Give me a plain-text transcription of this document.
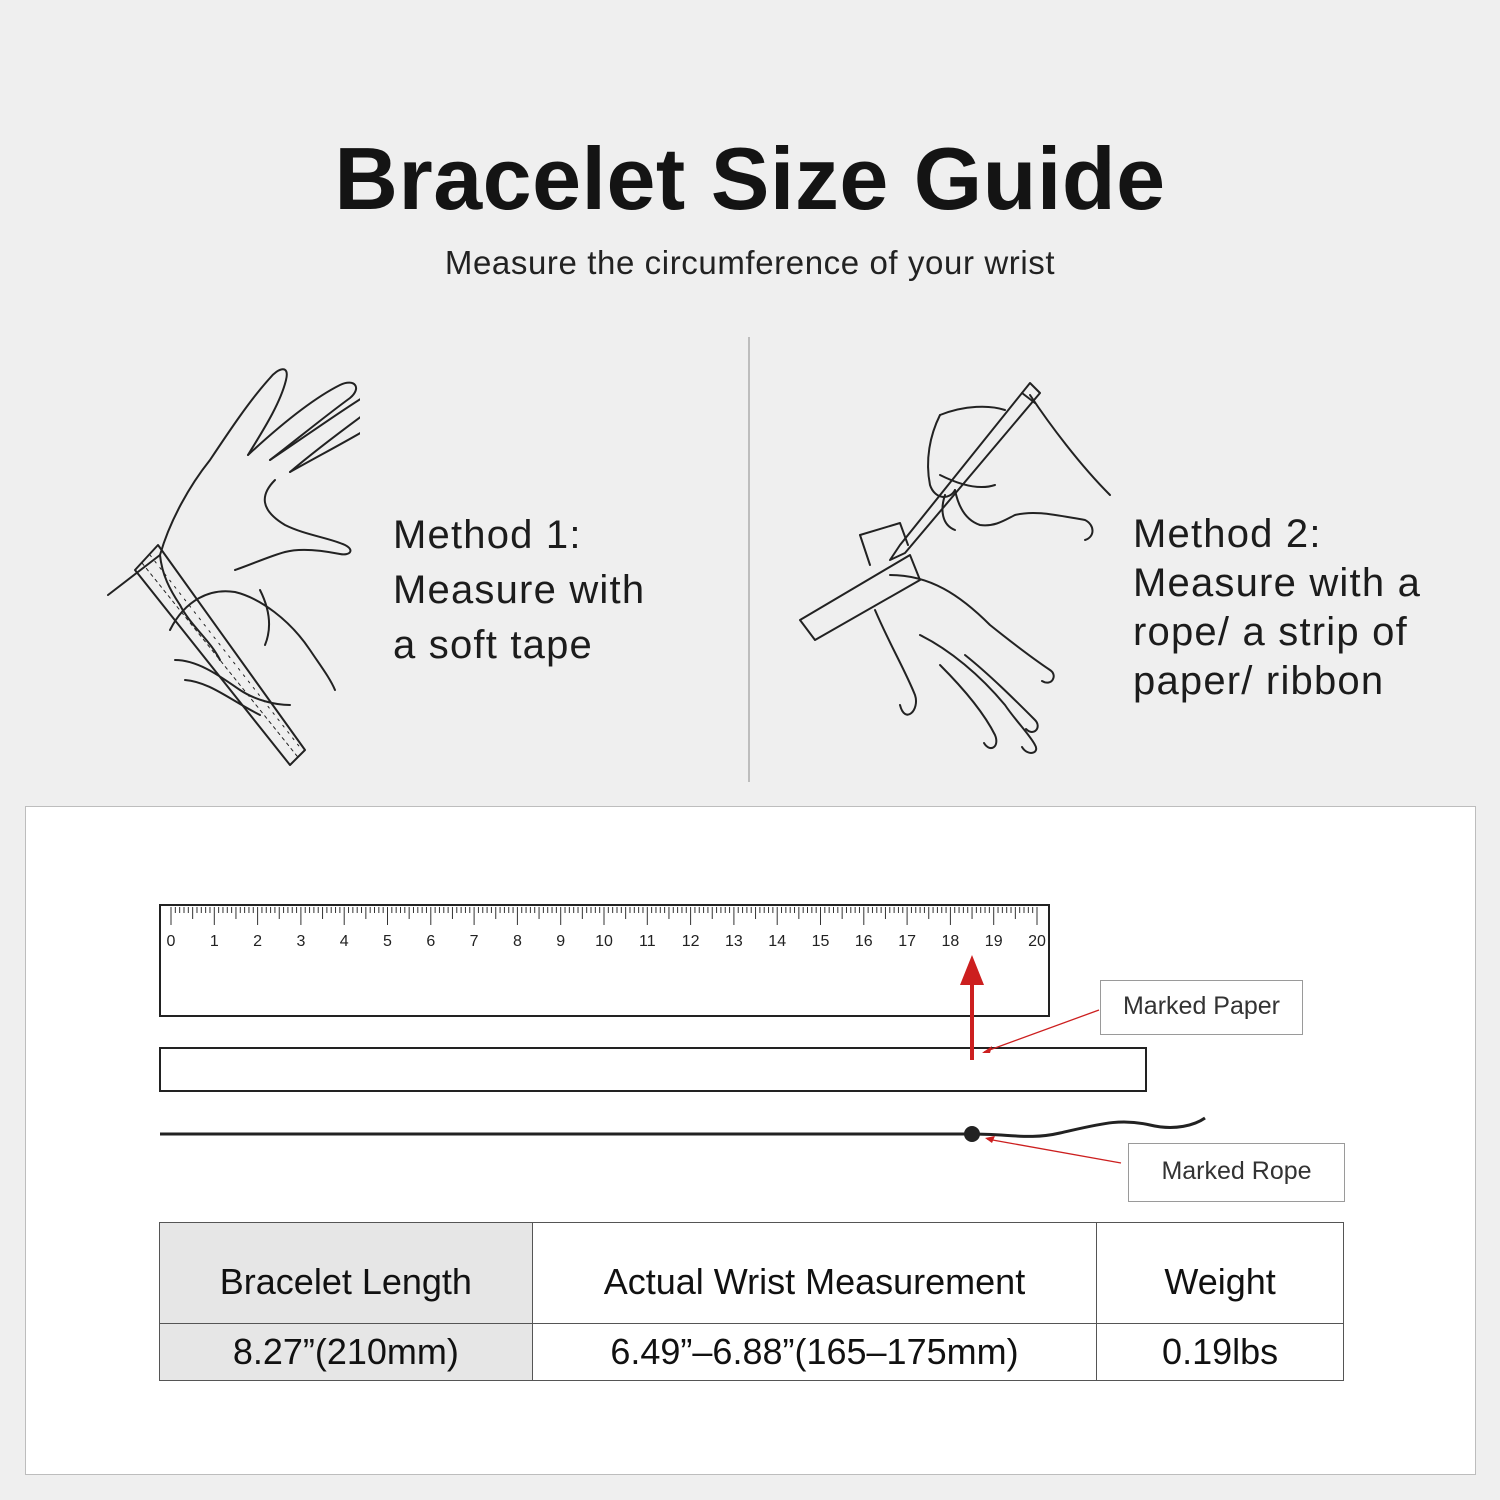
Bracelet Size Guide
Measure the circumference of your wrist
Method 1:
Measure with
a soft tape
Method 2:
Measure with a
rope/ a strip of
paper/ ribbon
0 1 2 3 4 5 6 7 8 9 10 11 12 13 14 15 16 17 18 19 20
Marked Paper
Marked Rope
Bracelet Length	Actual Wrist Measurement	Weight
8.27”(210mm)	6.49”–6.88”(165–175mm)	0.19lbs
